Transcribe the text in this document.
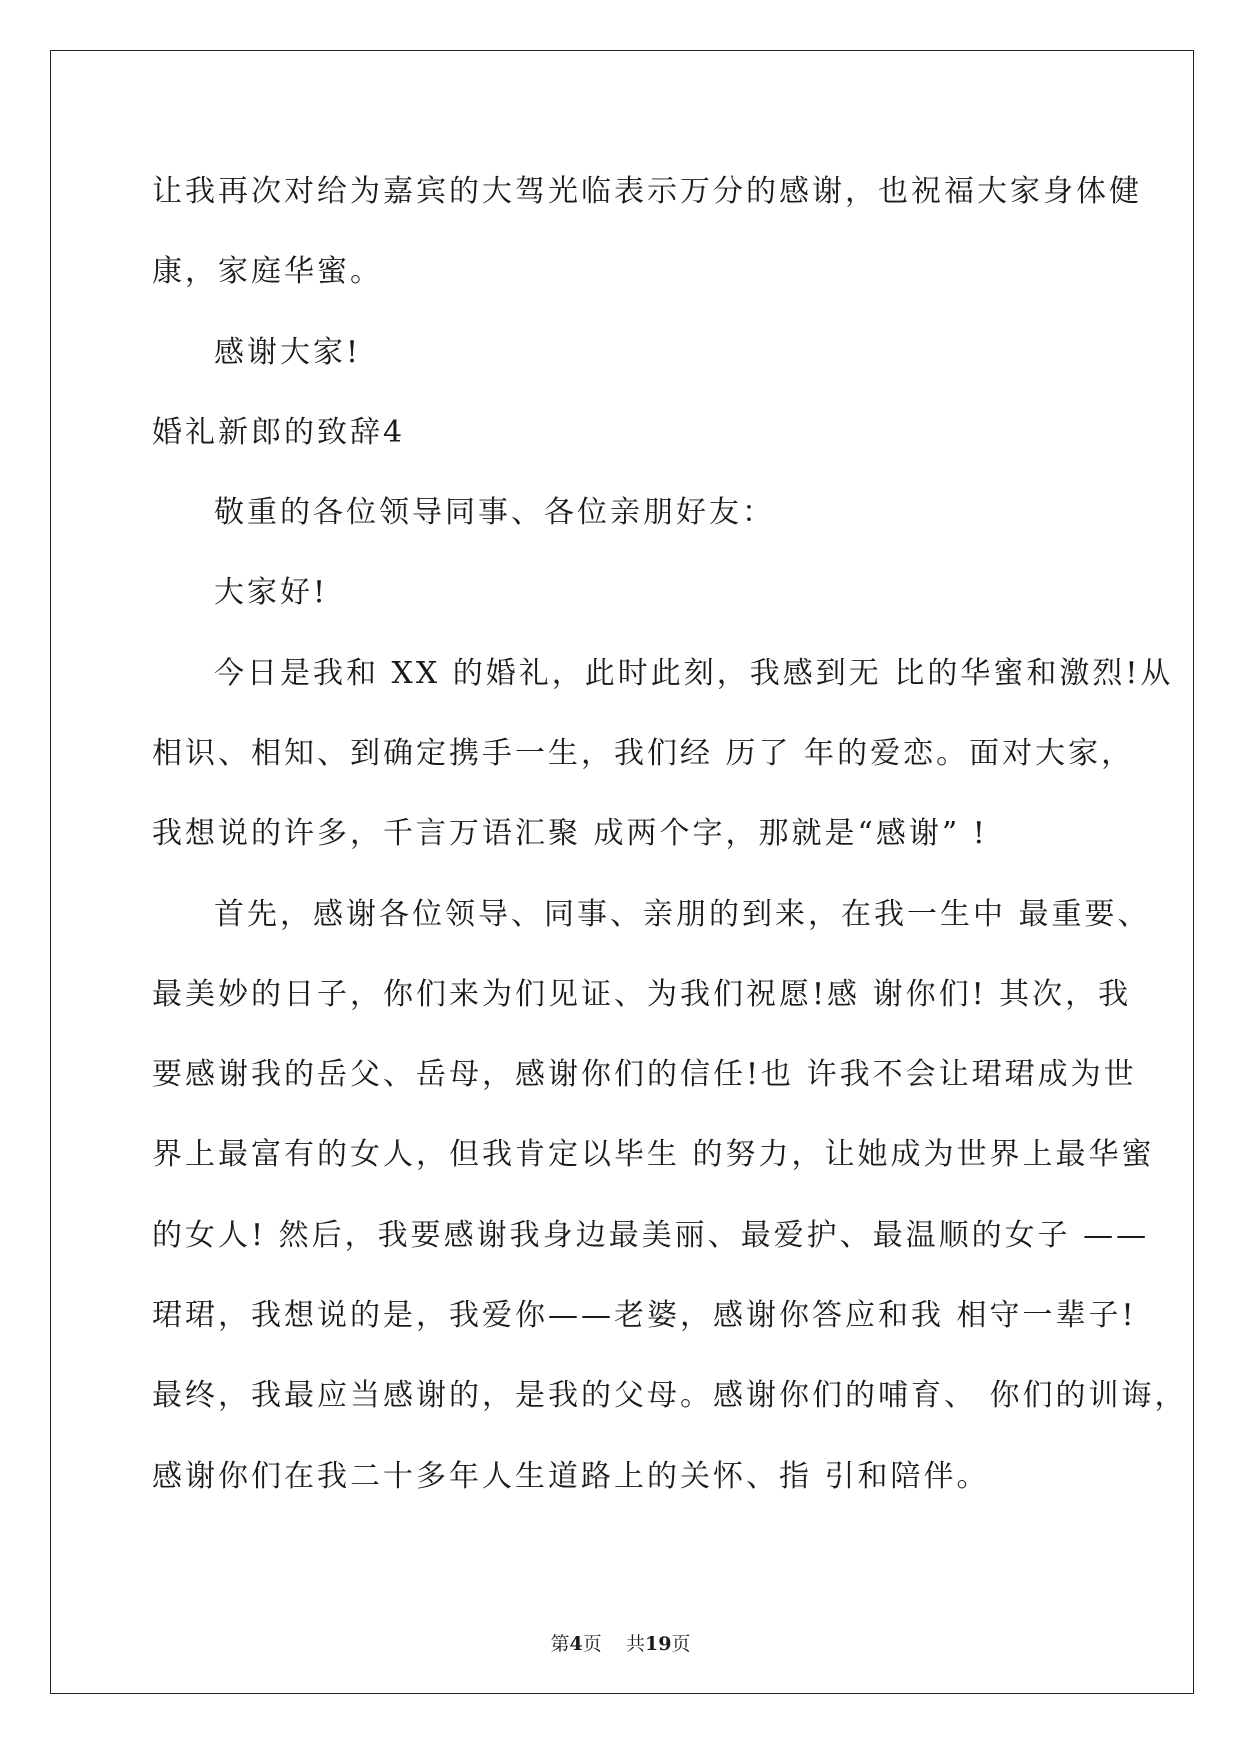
让我再次对给为嘉宾的大驾光临表示万分的感谢，也祝福大家身体健
康，家庭华蜜。
感谢大家!
婚礼新郎的致辞4
敬重的各位领导同事、各位亲朋好友：
大家好!
今日是我和 XX 的婚礼，此时此刻，我感到无 比的华蜜和激烈!从
相识、相知、到确定携手一生，我们经 历了 年的爱恋。面对大家，
我想说的许多，千言万语汇聚 成两个字，那就是“感谢” !
首先，感谢各位领导、同事、亲朋的到来，在我一生中 最重要、
最美妙的日子，你们来为们见证、为我们祝愿!感 谢你们! 其次，我
要感谢我的岳父、岳母，感谢你们的信任!也 许我不会让珺珺成为世
界上最富有的女人，但我肯定以毕生 的努力，让她成为世界上最华蜜
的女人! 然后，我要感谢我身边最美丽、最爱护、最温顺的女子 ——
珺珺，我想说的是，我爱你——老婆，感谢你答应和我 相守一辈子!
最终，我最应当感谢的，是我的父母。感谢你们的哺育、 你们的训诲，
感谢你们在我二十多年人生道路上的关怀、指 引和陪伴。
第4页 共19页
